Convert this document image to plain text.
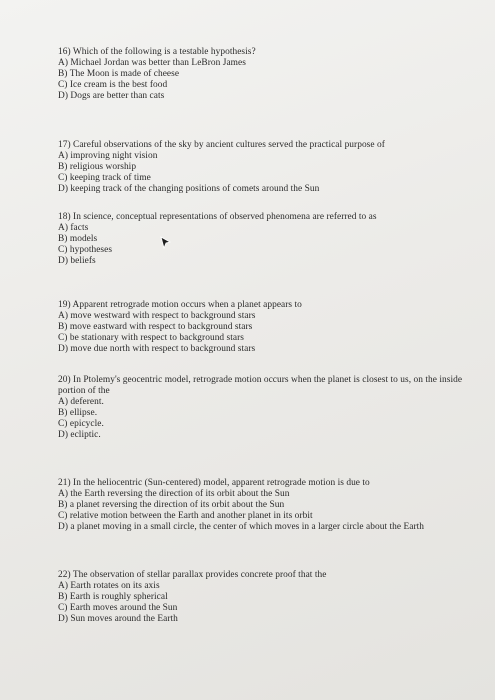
16) Which of the following is a testable hypothesis?
A) Michael Jordan was better than LeBron James
B) The Moon is made of cheese
C) Ice cream is the best food
D) Dogs are better than cats
17) Careful observations of the sky by ancient cultures served the practical purpose of
A) improving night vision
B) religious worship
C) keeping track of time
D) keeping track of the changing positions of comets around the Sun
18) In science, conceptual representations of observed phenomena are referred to as
A) facts
B) models
C) hypotheses
D) beliefs
19) Apparent retrograde motion occurs when a planet appears to
A) move westward with respect to background stars
B) move eastward with respect to background stars
C) be stationary with respect to background stars
D) move due north with respect to background stars
20) In Ptolemy's geocentric model, retrograde motion occurs when the planet is closest to us, on the inside portion of the
A) deferent.
B) ellipse.
C) epicycle.
D) ecliptic.
21) In the heliocentric (Sun-centered) model, apparent retrograde motion is due to
A) the Earth reversing the direction of its orbit about the Sun
B) a planet reversing the direction of its orbit about the Sun
C) relative motion between the Earth and another planet in its orbit
D) a planet moving in a small circle, the center of which moves in a larger circle about the Earth
22) The observation of stellar parallax provides concrete proof that the
A) Earth rotates on its axis
B) Earth is roughly spherical
C) Earth moves around the Sun
D) Sun moves around the Earth
